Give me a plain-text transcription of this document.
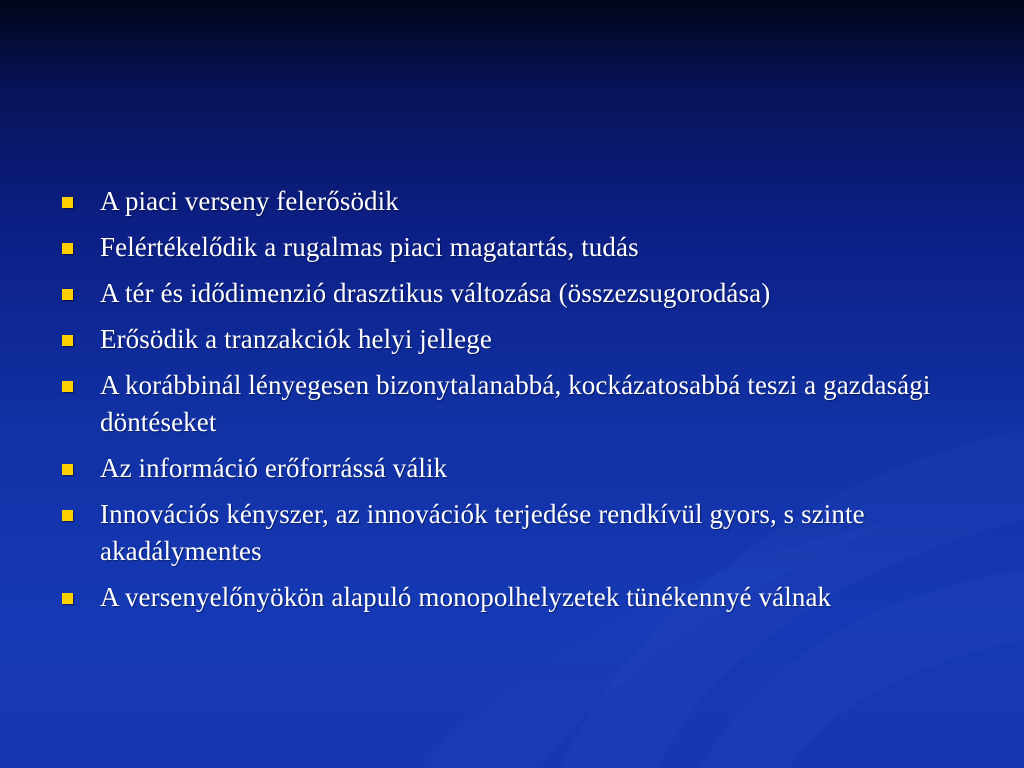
A piaci verseny felerősödik
Felértékelődik a rugalmas piaci magatartás, tudás
A tér és idődimenzió drasztikus változása (összezsugorodása)
Erősödik a tranzakciók helyi jellege
A korábbinál lényegesen bizonytalanabbá, kockázatosabbá teszi a gazdasági döntéseket
Az információ erőforrássá válik
Innovációs kényszer, az innovációk terjedése rendkívül gyors, s szinte akadálymentes
A versenyelőnyökön alapuló monopolhelyzetek tünékennyé válnak
